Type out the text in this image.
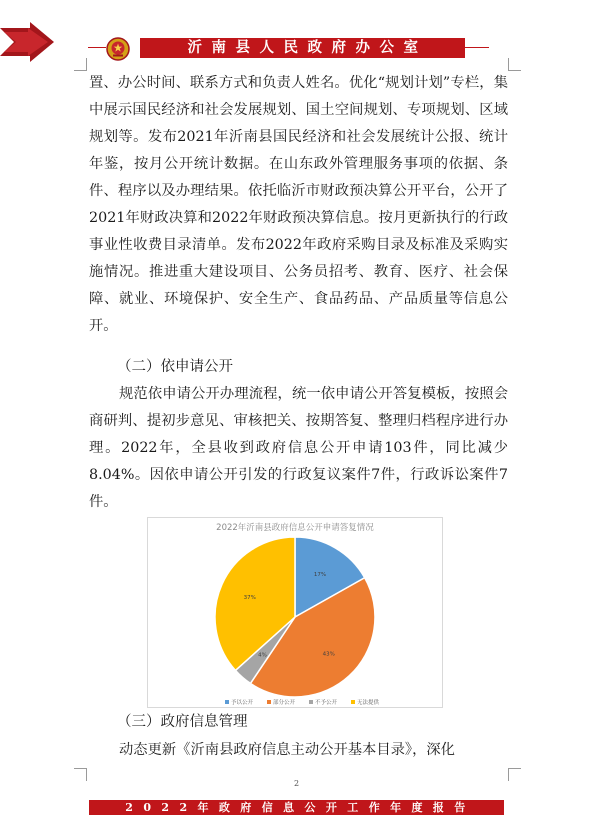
沂南县人民政府办公室

置、办公时间、联系方式和负责人姓名。优化“规划计划”专栏，集中展示国民经济和社会发展规划、国土空间规划、专项规划、区域规划等。发布2021年沂南县国民经济和社会发展统计公报、统计年鉴，按月公开统计数据。在山东政外管理服务事项的依据、条件、程序以及办理结果。依托临沂市财政预决算公开平台，公开了2021年财政决算和2022年财政预决算信息。按月更新执行的行政事业性收费目录清单。发布2022年政府采购目录及标准及采购实施情况。推进重大建设项目、公务员招考、教育、医疗、社会保障、就业、环境保护、安全生产、食品药品、产品质量等信息公开。

（二）依申请公开

规范依申请公开办理流程，统一依申请公开答复模板，按照会商研判、提初步意见、审核把关、按期答复、整理归档程序进行办理。2022年，全县收到政府信息公开申请103件，同比减少8.04%。因依申请公开引发的行政复议案件7件，行政诉讼案件7件。

2022年沂南县政府信息公开申请答复情况
17%
43%
4%
37%
予以公开	部分公开	不予公开	无法提供

（三）政府信息管理

动态更新《沂南县政府信息主动公开基本目录》，深化

2
2022年政府信息公开工作年度报告
